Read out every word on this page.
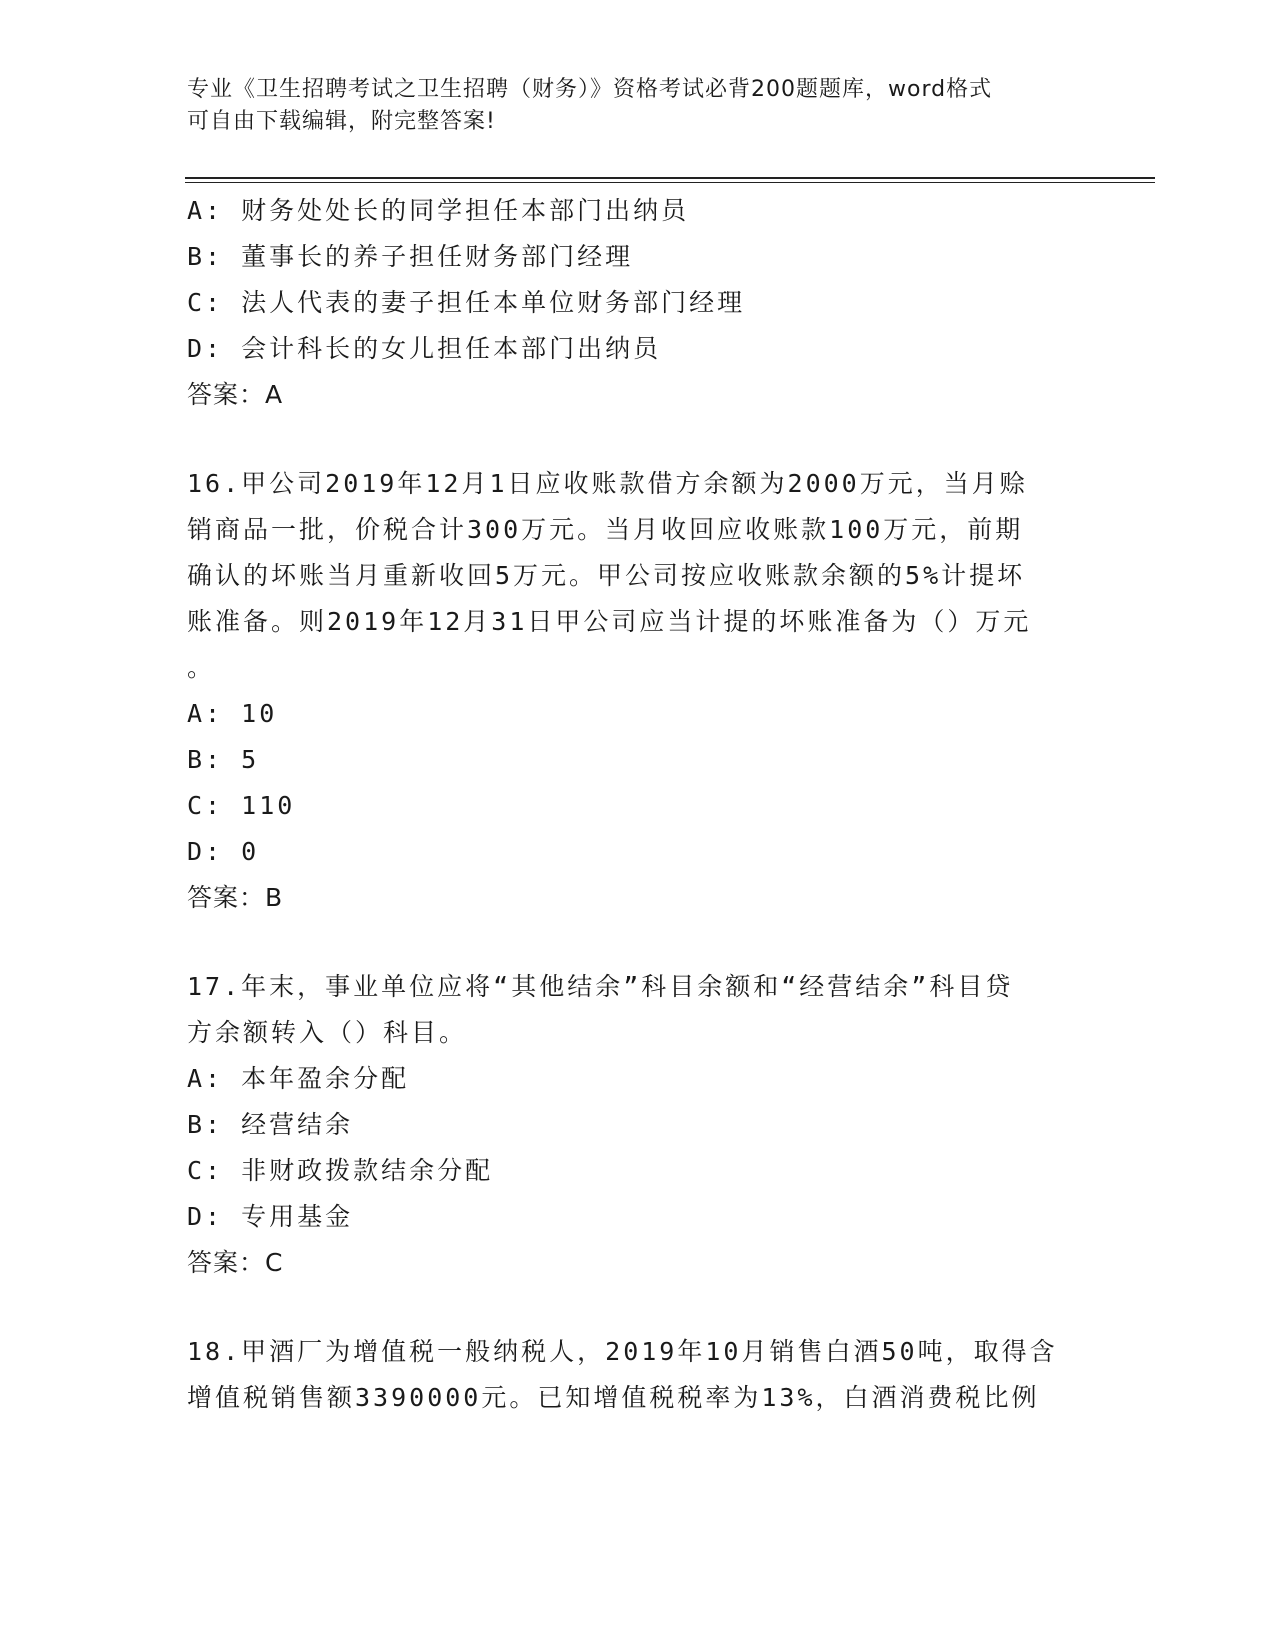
专业《卫生招聘考试之卫生招聘（财务）》资格考试必背200题题库，word格式
可自由下载编辑，附完整答案!

A: 财务处处长的同学担任本部门出纳员

B: 董事长的养子担任财务部门经理

C: 法人代表的妻子担任本单位财务部门经理

D: 会计科长的女儿担任本部门出纳员

答案：A

16.甲公司2019年12月1日应收账款借方余额为2000万元，当月赊

销商品一批，价税合计300万元。当月收回应收账款100万元，前期

确认的坏账当月重新收回5万元。甲公司按应收账款余额的5%计提坏

账准备。则2019年12月31日甲公司应当计提的坏账准备为（）万元

。

A: 10

B: 5

C: 110

D: 0

答案：B

17.年末，事业单位应将“其他结余”科目余额和“经营结余”科目贷

方余额转入（）科目。

A: 本年盈余分配

B: 经营结余

C: 非财政拨款结余分配

D: 专用基金

答案：C

18.甲酒厂为增值税一般纳税人，2019年10月销售白酒50吨，取得含

增值税销售额3390000元。已知增值税税率为13%，白酒消费税比例
